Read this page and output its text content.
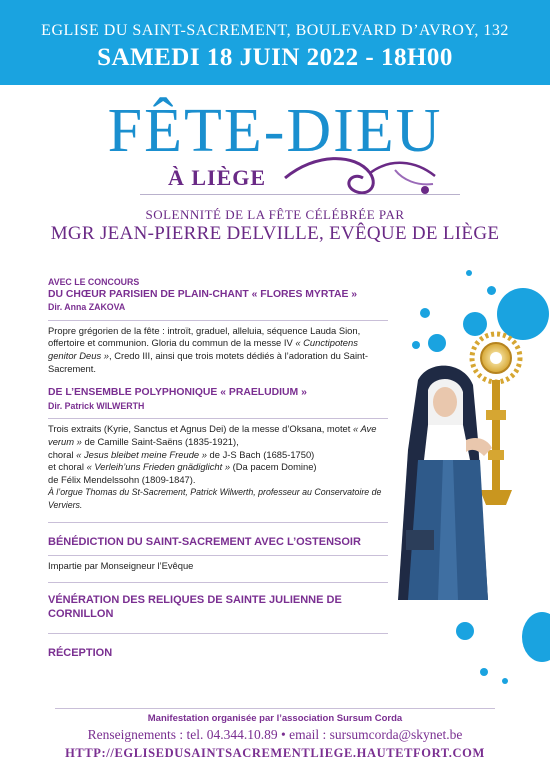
EGLISE DU SAINT-SACREMENT, BOULEVARD D’AVROY, 132
SAMEDI 18 JUIN 2022 - 18H00
FÊTE-DIEU
À LIÈGE
SOLENNITÉ DE LA FÊTE CÉLÉBRÉE PAR
MGR JEAN-PIERRE DELVILLE, EVÊQUE DE LIÈGE

AVEC LE CONCOURS

DU CHŒUR PARISIEN DE PLAIN-CHANT « FLORES MYRTAE »

Dir. Anna ZAKOVA

Propre grégorien de la fête : introït, graduel, alleluia, séquence Lauda Sion, offertoire et communion. Gloria du commun de la messe IV « Cunctipotens genitor Deus », Credo III, ainsi que trois motets dédiés à l’adoration du Saint-Sacrement.

DE L’ENSEMBLE POLYPHONIQUE « PRAELUDIUM »

Dir. Patrick WILWERTH

Trois extraits (Kyrie, Sanctus et Agnus Dei) de la messe d’Oksana, motet « Ave verum » de Camille Saint-Saëns (1835-1921),
choral « Jesus bleibet meine Freude » de J-S Bach (1685-1750)
et choral « Verleih’uns Frieden gnädiglicht » (Da pacem Domine)
de Félix Mendelssohn (1809-1847).

À l’orgue Thomas du St-Sacrement, Patrick Wilwerth, professeur au Conservatoire de Verviers.

BÉNÉDICTION DU SAINT-SACREMENT AVEC L’OSTENSOIR

Impartie par Monseigneur l’Evêque

VÉNÉRATION DES RELIQUES DE SAINTE JULIENNE DE CORNILLON

RÉCEPTION

Manifestation organisée par l’association Sursum Corda
Renseignements : tel. 04.344.10.89 • email : sursumcorda@skynet.be
HTTP://EGLISEDUSAINTSACREMENTLIEGE.HAUTETFORT.COM
